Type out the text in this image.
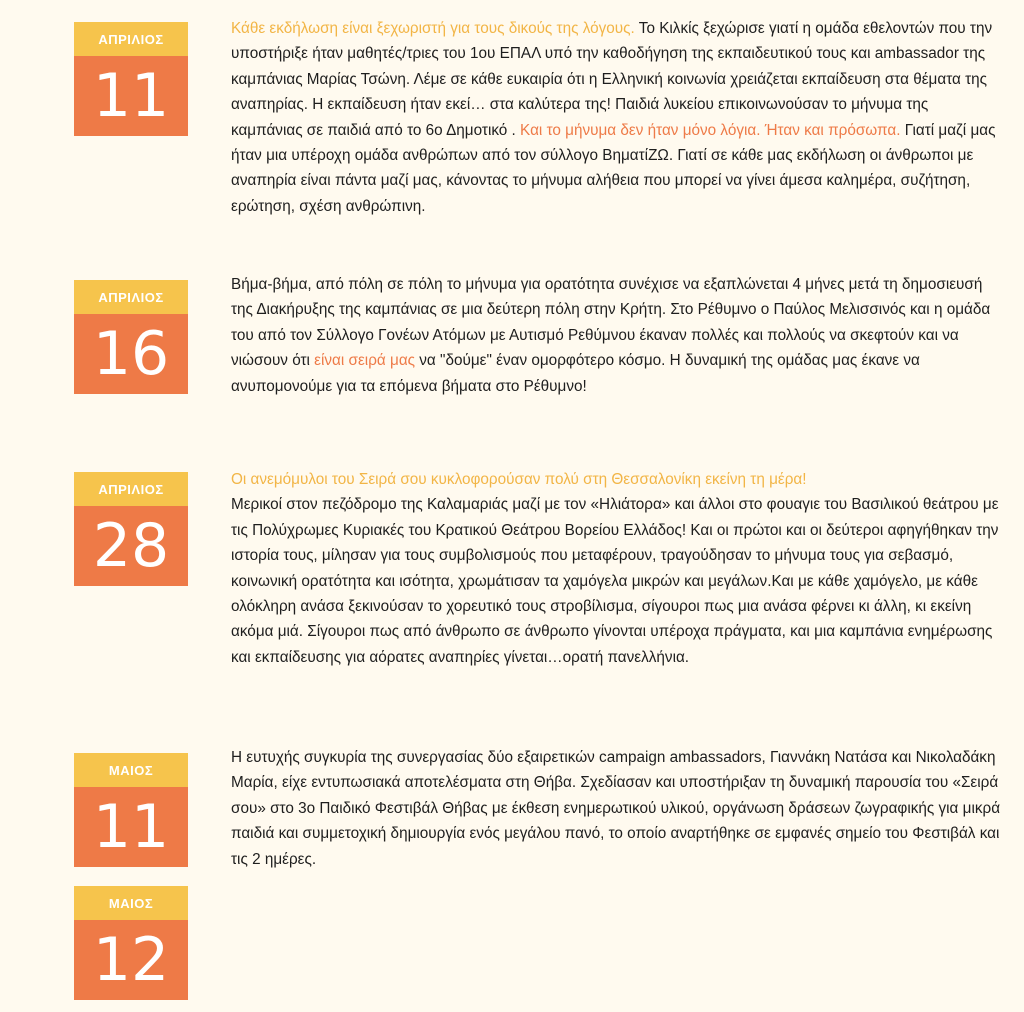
ΑΠΡΙΛΙΟΣ
11
ΑΠΡΙΛΙΟΣ
16
ΑΠΡΙΛΙΟΣ
28
ΜΑΙΟΣ
11
ΜΑΙΟΣ
12

Κάθε εκδήλωση είναι ξεχωριστή για τους δικούς της λόγους. Το Κιλκίς ξεχώρισε γιατί η ομάδα εθελοντών που την υποστήριξε ήταν μαθητές/τριες του 1ου ΕΠΑΛ υπό την καθοδήγηση της εκπαιδευτικού τους και ambassador της καμπάνιας Μαρίας Τσώνη. Λέμε σε κάθε ευκαιρία ότι η Ελληνική κοινωνία χρειάζεται εκπαίδευση στα θέματα της αναπηρίας. Η εκπαίδευση ήταν εκεί… στα καλύτερα της! Παιδιά λυκείου επικοινωνούσαν το μήνυμα της καμπάνιας σε παιδιά από το 6ο Δημοτικό . Και το μήνυμα δεν ήταν μόνο λόγια. Ήταν και πρόσωπα. Γιατί μαζί μας ήταν μια υπέροχη ομάδα ανθρώπων από τον σύλλογο ΒηματίΖΩ. Γιατί σε κάθε μας εκδήλωση οι άνθρωποι με αναπηρία είναι πάντα μαζί μας, κάνοντας το μήνυμα αλήθεια που μπορεί να γίνει άμεσα καλημέρα, συζήτηση, ερώτηση, σχέση ανθρώπινη.

Βήμα-βήμα, από πόλη σε πόλη το μήνυμα για ορατότητα συνέχισε να εξαπλώνεται 4 μήνες μετά τη δημοσιευσή της Διακήρυξης της καμπάνιας σε μια δεύτερη πόλη στην Κρήτη. Στο Ρέθυμνο ο Παύλος Μελισσινός και η ομάδα του από τον Σύλλογο Γονέων Ατόμων με Αυτισμό Ρεθύμνου έκαναν πολλές και πολλούς να σκεφτούν και να νιώσουν ότι είναι σειρά μας να "δούμε" έναν ομορφότερο κόσμο. Η δυναμική της ομάδας μας έκανε να ανυπομονούμε για τα επόμενα βήματα στο Ρέθυμνο!

Οι ανεμόμυλοι του Σειρά σου κυκλοφορούσαν πολύ στη Θεσσαλονίκη εκείνη τη μέρα!
Μερικοί στον πεζόδρομο της Καλαμαριάς μαζί με τον «Ηλιάτορα» και άλλοι στο φουαγιε του Βασιλικού θεάτρου με τις Πολύχρωμες Κυριακές του Κρατικού Θεάτρου Βορείου Ελλάδος! Και οι πρώτοι και οι δεύτεροι αφηγήθηκαν την ιστορία τους, μίλησαν για τους συμβολισμούς που μεταφέρουν, τραγούδησαν το μήνυμα τους για σεβασμό, κοινωνική ορατότητα και ισότητα, χρωμάτισαν τα χαμόγελα μικρών και μεγάλων.Και με κάθε χαμόγελο, με κάθε ολόκληρη ανάσα ξεκινούσαν το χορευτικό τους στροβίλισμα, σίγουροι πως μια ανάσα φέρνει κι άλλη, κι εκείνη ακόμα μιά. Σίγουροι πως από άνθρωπο σε άνθρωπο γίνονται υπέροχα πράγματα, και μια καμπάνια ενημέρωσης και εκπαίδευσης για αόρατες αναπηρίες γίνεται…ορατή πανελλήνια.

Η ευτυχής συγκυρία της συνεργασίας δύο εξαιρετικών campaign ambassadors, Γιαννάκη Νατάσα και Νικολαδάκη Μαρία, είχε εντυπωσιακά αποτελέσματα στη Θήβα. Σχεδίασαν και υποστήριξαν τη δυναμική παρουσία του «Σειρά σου» στο 3ο Παιδικό Φεστιβάλ Θήβας με έκθεση ενημερωτικού υλικού, οργάνωση δράσεων ζωγραφικής για μικρά παιδιά και συμμετοχική δημιουργία ενός μεγάλου πανό, το οποίο αναρτήθηκε σε εμφανές σημείο του Φεστιβάλ και τις 2 ημέρες.
